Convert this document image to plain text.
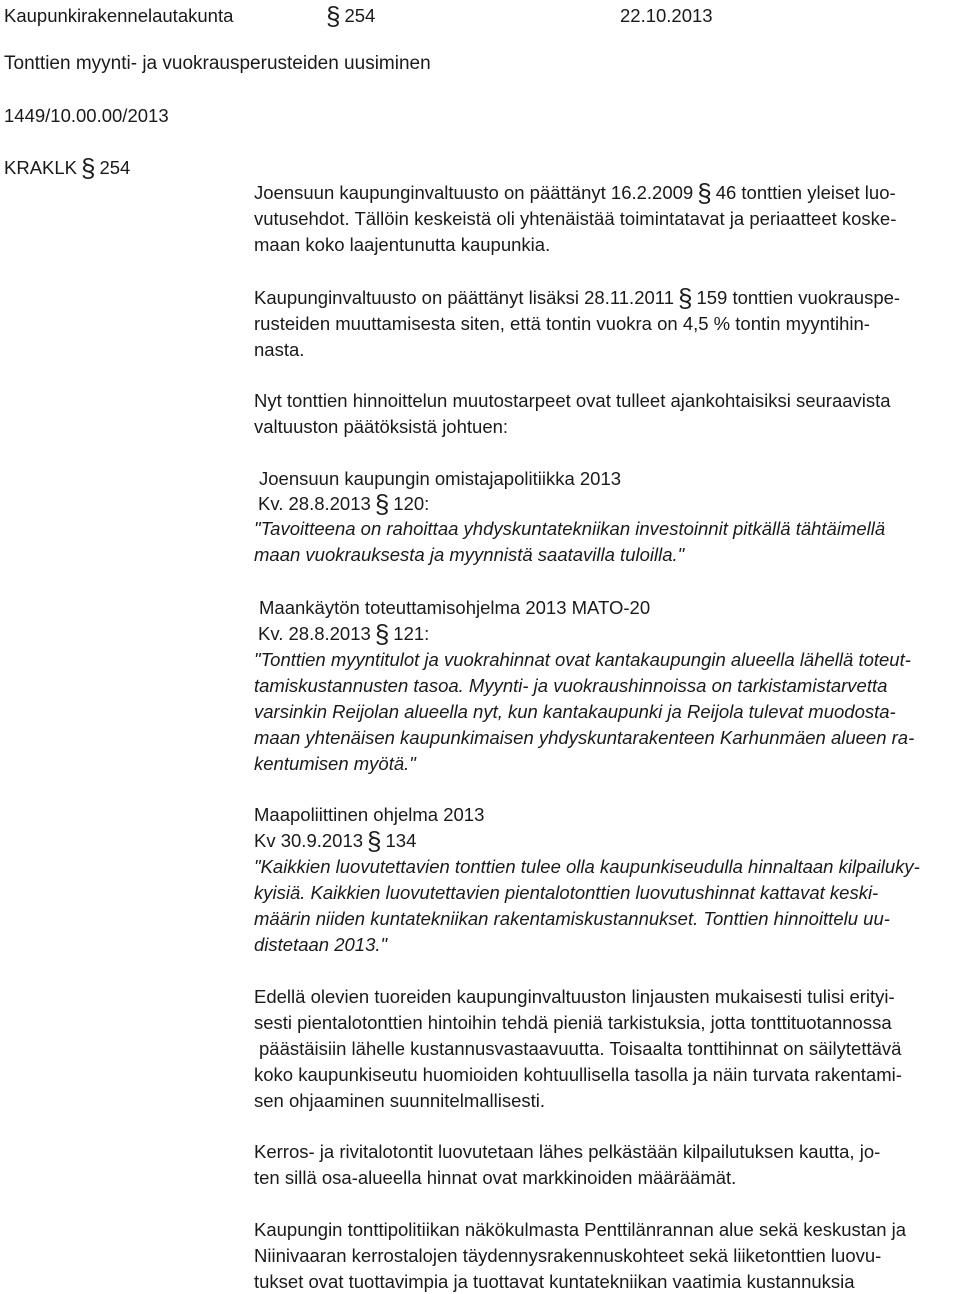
Kaupunkirakennelautakunta	§ 254	22.10.2013
Tonttien myynti- ja vuokrausperusteiden uusiminen
1449/10.00.00/2013
KRAKLK § 254
Joensuun kaupunginvaltuusto on päättänyt 16.2.2009 § 46 tonttien yleiset luo-
vutusehdot. Tällöin keskeistä oli yhtenäistää toimintatavat ja periaatteet koske-
maan koko laajentunutta kaupunkia.
Kaupunginvaltuusto on päättänyt lisäksi 28.11.2011 § 159 tonttien vuokrauspe-
rusteiden muuttamisesta siten, että tontin vuokra on 4,5 % tontin myyntihin-
nasta.
Nyt tonttien hinnoittelun muutostarpeet ovat tulleet ajankohtaisiksi seuraavista
valtuuston päätöksistä johtuen:
Joensuun kaupungin omistajapolitiikka 2013
Kv. 28.8.2013 § 120:
"Tavoitteena on rahoittaa yhdyskuntatekniikan investoinnit pitkällä tähtäimellä
maan vuokrauksesta ja myynnistä saatavilla tuloilla."
Maankäytön toteuttamisohjelma 2013 MATO-20
Kv. 28.8.2013 § 121:
"Tonttien myyntitulot ja vuokrahinnat ovat kantakaupungin alueella lähellä toteut-
tamiskustannusten tasoa. Myynti- ja vuokraushinnoissa on tarkistamistarvetta
varsinkin Reijolan alueella nyt, kun kantakaupunki ja Reijola tulevat muodosta-
maan yhtenäisen kaupunkimaisen yhdyskuntarakenteen Karhunmäen alueen ra-
kentumisen myötä."
Maapoliittinen ohjelma 2013
Kv 30.9.2013 § 134
"Kaikkien luovutettavien tonttien tulee olla kaupunkiseudulla hinnaltaan kilpailuky-
kyisiä. Kaikkien luovutettavien pientalotonttien luovutushinnat kattavat keski-
määrin niiden kuntatekniikan rakentamiskustannukset. Tonttien hinnoittelu uu-
distetaan 2013."
Edellä olevien tuoreiden kaupunginvaltuuston linjausten mukaisesti tulisi erityi-
sesti pientalotonttien hintoihin tehdä pieniä tarkistuksia, jotta tonttituotannossa
päästäisiin lähelle kustannusvastaavuutta. Toisaalta tonttihinnat on säilytettävä
koko kaupunkiseutu huomioiden kohtuullisella tasolla ja näin turvata rakentami-
sen ohjaaminen suunnitelmallisesti.
Kerros- ja rivitalotontit luovutetaan lähes pelkästään kilpailutuksen kautta, jo-
ten sillä osa-alueella hinnat ovat markkinoiden määräämät.
Kaupungin tonttipolitiikan näkökulmasta Penttilänrannan alue sekä keskustan ja
Niinivaaran kerrostalojen täydennysrakennuskohteet sekä liiketonttien luovu-
tukset ovat tuottavimpia ja tuottavat kuntatekniikan vaatimia kustannuksia
